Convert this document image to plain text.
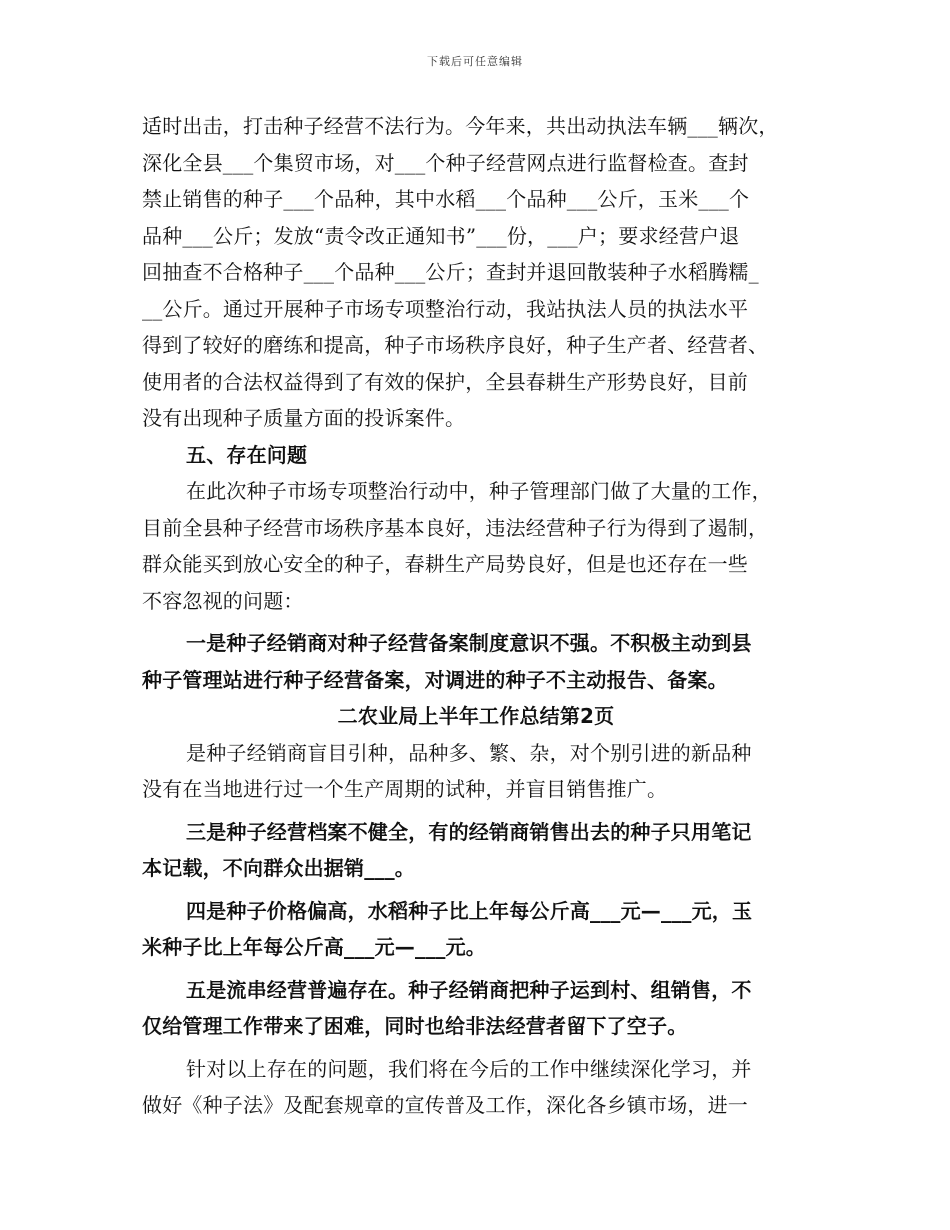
下载后可任意编辑
适时出击，打击种子经营不法行为。今年来，共出动执法车辆___辆次，
深化全县___个集贸市场，对___个种子经营网点进行监督检查。查封
禁止销售的种子___个品种，其中水稻___个品种___公斤，玉米___个
品种___公斤；发放“责令改正通知书”___份，___户；要求经营户退
回抽查不合格种子___个品种___公斤；查封并退回散装种子水稻腾糯_
__公斤。通过开展种子市场专项整治行动，我站执法人员的执法水平
得到了较好的磨练和提高，种子市场秩序良好，种子生产者、经营者、
使用者的合法权益得到了有效的保护，全县春耕生产形势良好，目前
没有出现种子质量方面的投诉案件。
五、存在问题
在此次种子市场专项整治行动中，种子管理部门做了大量的工作，
目前全县种子经营市场秩序基本良好，违法经营种子行为得到了遏制，
群众能买到放心安全的种子，春耕生产局势良好，但是也还存在一些
不容忽视的问题：
一是种子经销商对种子经营备案制度意识不强。不积极主动到县
种子管理站进行种子经营备案，对调进的种子不主动报告、备案。
二农业局上半年工作总结第2页
是种子经销商盲目引种，品种多、繁、杂，对个别引进的新品种
没有在当地进行过一个生产周期的试种，并盲目销售推广。
三是种子经营档案不健全，有的经销商销售出去的种子只用笔记
本记载，不向群众出据销___。
四是种子价格偏高，水稻种子比上年每公斤高___元—___元，玉
米种子比上年每公斤高___元—___元。
五是流串经营普遍存在。种子经销商把种子运到村、组销售，不
仅给管理工作带来了困难，同时也给非法经营者留下了空子。
针对以上存在的问题，我们将在今后的工作中继续深化学习，并
做好《种子法》及配套规章的宣传普及工作，深化各乡镇市场，进一
